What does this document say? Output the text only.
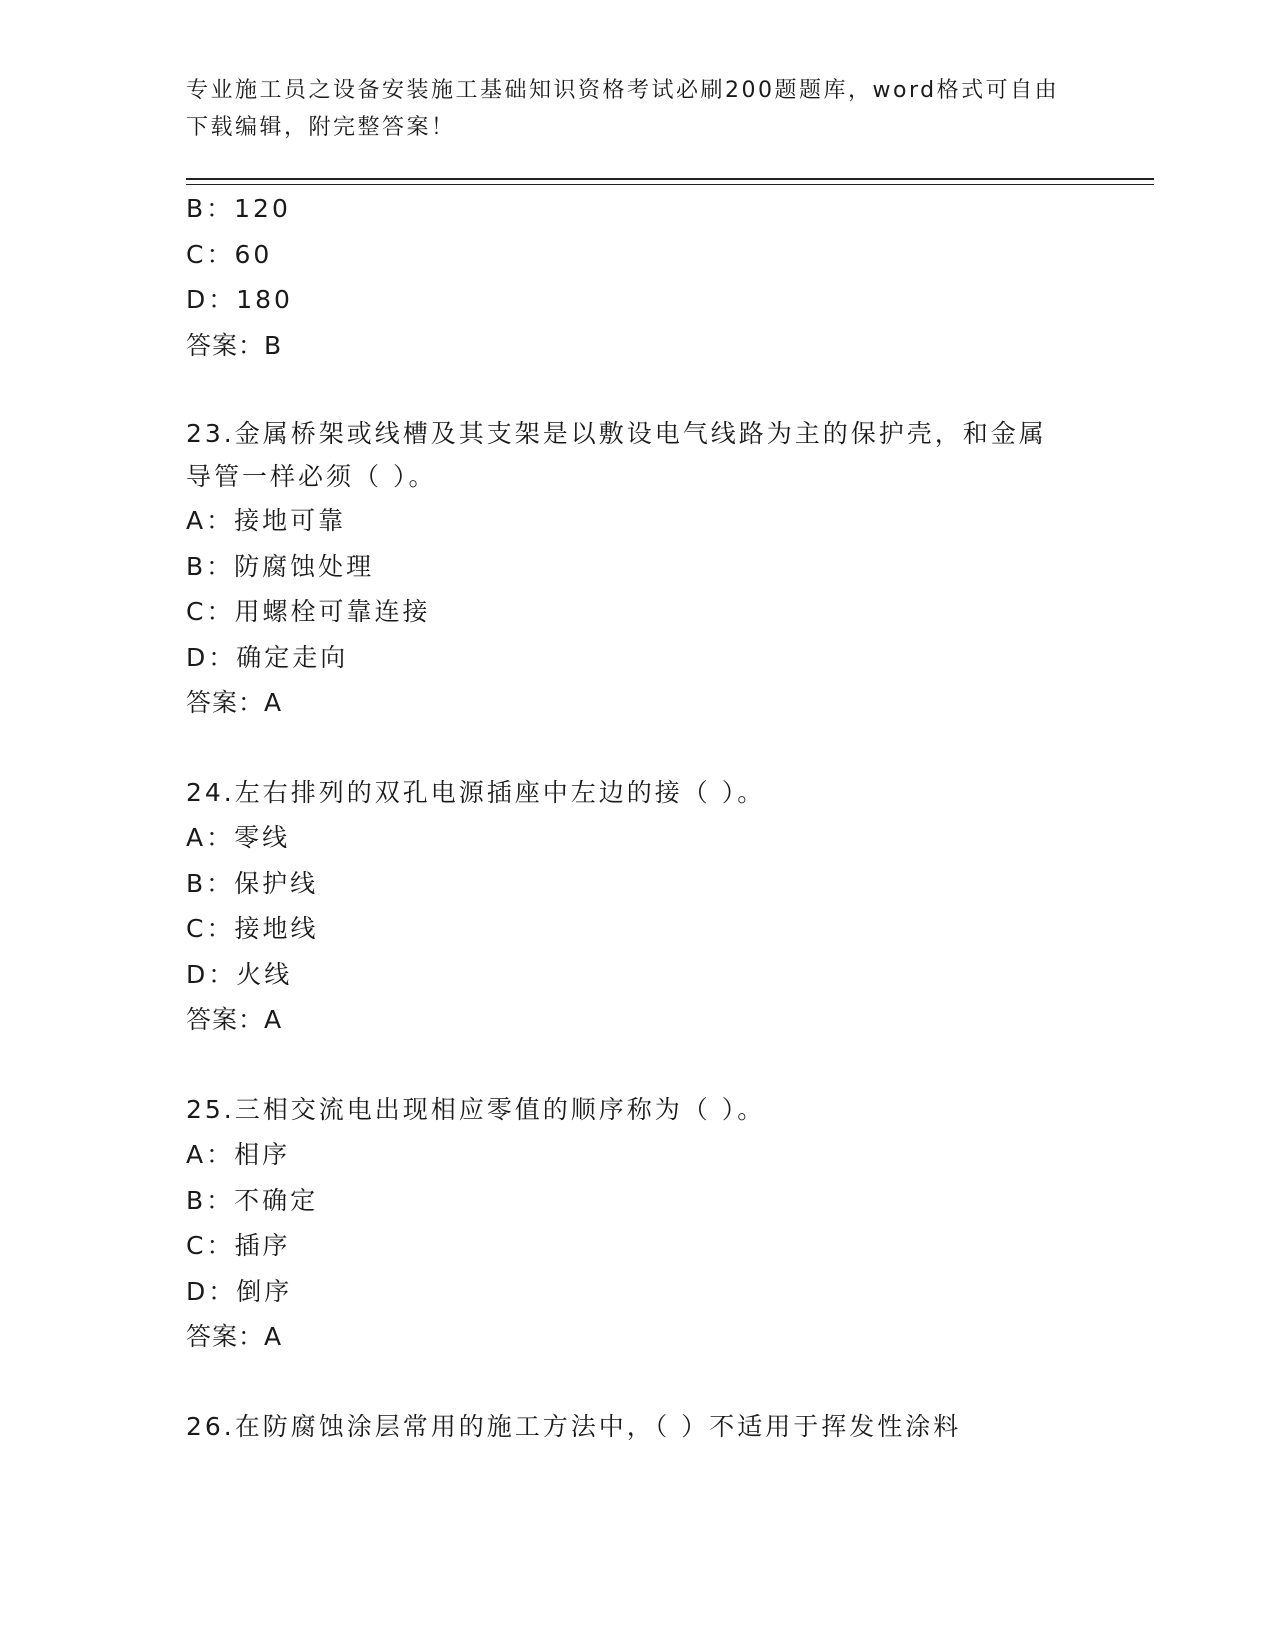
专业施工员之设备安装施工基础知识资格考试必刷200题题库，word格式可自由下载编辑，附完整答案！
B：120
C：60
D：180
答案：B
23.金属桥架或线槽及其支架是以敷设电气线路为主的保护壳，和金属
导管一样必须（ ）。
A：接地可靠
B：防腐蚀处理
C：用螺栓可靠连接
D：确定走向
答案：A
24.左右排列的双孔电源插座中左边的接（ ）。
A：零线
B：保护线
C：接地线
D：火线
答案：A
25.三相交流电出现相应零值的顺序称为（ ）。
A：相序
B：不确定
C：插序
D：倒序
答案：A
26.在防腐蚀涂层常用的施工方法中，（ ）不适用于挥发性涂料
